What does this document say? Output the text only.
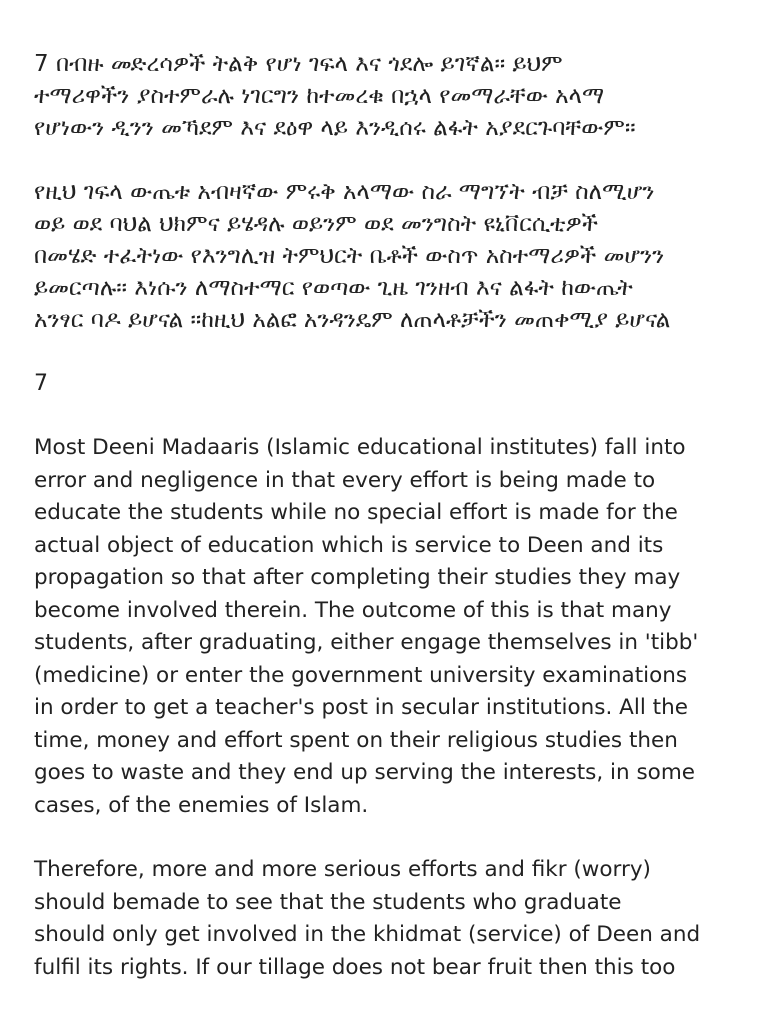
7 በብዙ መድረሳዎች ትልቅ የሆነ ገፍላ እና ጎደሎ ይገኛል። ይህም

ተማሪዋችን ያስተምራሉ ነገርግን ከተመረቁ በኋላ የመማራቸው አላማ

የሆነውን ዲንን መኻደም እና ደዕዋ ላይ እንዲሰሩ ልፋት አያደርጉባቸውም።

የዚህ ገፍላ ውጤቱ አብዛኛው ምሩቅ አላማው ስራ ማግኘት ብቻ ስለሚሆን

ወይ ወደ ባህል ህክምና ይሄዳሉ ወይንም ወደ መንግስት ዩኒቨርሲቲዎች

በመሄድ ተፈትነው የእንግሊዝ ትምህርት ቤቶች ውስጥ አስተማሪዎች መሆንን

ይመርጣሉ። እነሱን ለማስተማር የወጣው ጊዜ ገንዘብ እና ልፋት ከውጤት

አንፃር ባዶ ይሆናል ።ከዚህ አልፎ አንዳንዴም ለጠላቶቻችን መጠቀሚያ ይሆናል

7

Most Deeni Madaaris (Islamic educational institutes) fall into

error and negligence in that every effort is being made to

educate the students while no special effort is made for the

actual object of education which is service to Deen and its

propagation so that after completing their studies they may

become involved therein. The outcome of this is that many

students, after graduating, either engage themselves in 'tibb'

(medicine) or enter the government university examinations

in order to get a teacher's post in secular institutions. All the

time, money and effort spent on their religious studies then

goes to waste and they end up serving the interests, in some

cases, of the enemies of Islam.

Therefore, more and more serious efforts and fikr (worry)

should bemade to see that the students who graduate

should only get involved in the khidmat (service) of Deen and

fulfil its rights. If our tillage does not bear fruit then this too
